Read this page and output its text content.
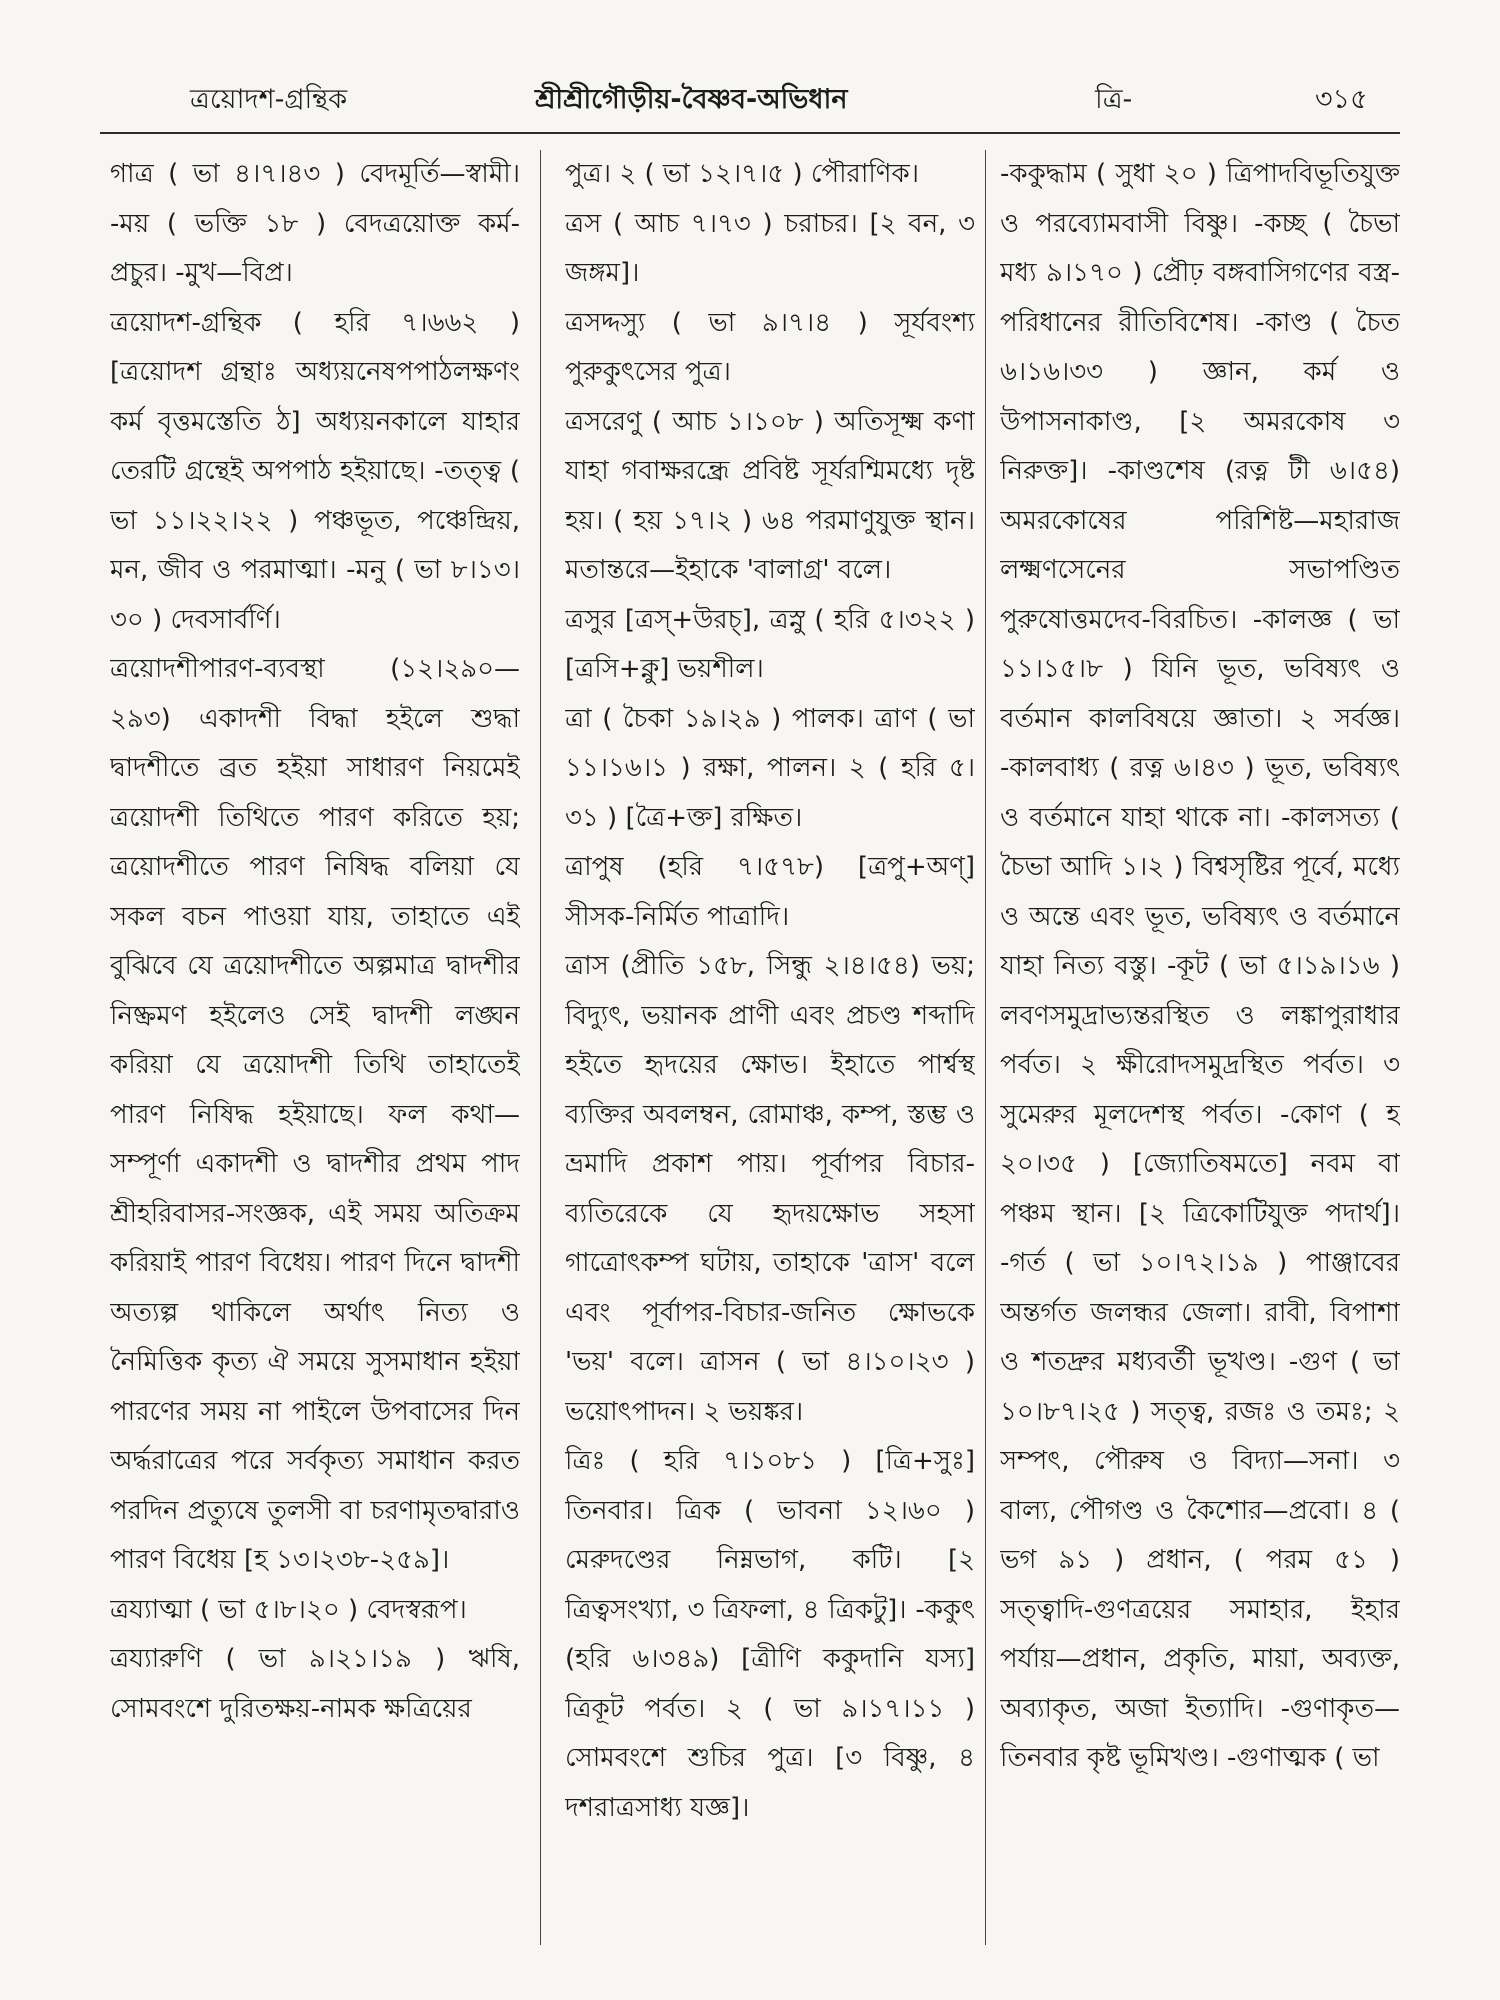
ত্রয়োদশ-গ্রন্থিক	শ্রীশ্রীগৌড়ীয়-বৈষ্ণব-অভিধান	ত্রি-	৩১৫

গাত্র ( ভা ৪।৭।৪৩ ) বেদমূর্তি—স্বামী। -ময় ( ভক্তি ১৮ ) বেদত্রয়োক্ত কর্ম-প্রচুর। -মুখ—বিপ্র।

ত্রয়োদশ-গ্রন্থিক ( হরি ৭।৬৬২ ) [ত্রয়োদশ গ্রন্থাঃ অধ্যয়নেষপপাঠলক্ষণং কর্ম বৃত্তমস্তেতি ঠ] অধ্যয়নকালে যাহার তেরটি গ্রন্থেই অপপাঠ হইয়াছে। -তত্ত্ব ( ভা ১১।২২।২২ ) পঞ্চভূত, পঞ্চেন্দ্রিয়, মন, জীব ও পরমাত্মা। -মনু ( ভা ৮।১৩।৩০ ) দেবসার্বর্ণি।

ত্রয়োদশীপারণ-ব্যবস্থা (১২।২৯০—২৯৩) একাদশী বিদ্ধা হইলে শুদ্ধা দ্বাদশীতে ব্রত হইয়া সাধারণ নিয়মেই ত্রয়োদশী তিথিতে পারণ করিতে হয়; ত্রয়োদশীতে পারণ নিষিদ্ধ বলিয়া যে সকল বচন পাওয়া যায়, তাহাতে এই বুঝিবে যে ত্রয়োদশীতে অল্পমাত্র দ্বাদশীর নিষ্ক্রমণ হইলেও সেই দ্বাদশী লঙ্ঘন করিয়া যে ত্রয়োদশী তিথি তাহাতেই পারণ নিষিদ্ধ হইয়াছে। ফল কথা—সম্পূর্ণা একাদশী ও দ্বাদশীর প্রথম পাদ শ্রীহরিবাসর-সংজ্ঞক, এই সময় অতিক্রম করিয়াই পারণ বিধেয়। পারণ দিনে দ্বাদশী অত্যল্প থাকিলে অর্থাৎ নিত্য ও নৈমিত্তিক কৃত্য ঐ সময়ে সুসমাধান হইয়া পারণের সময় না পাইলে উপবাসের দিন অর্দ্ধরাত্রের পরে সর্বকৃত্য সমাধান করত পরদিন প্রত্যুষে তুলসী বা চরণামৃতদ্বারাও পারণ বিধেয় [হ ১৩।২৩৮-২৫৯]।

ত্রয্যাত্মা ( ভা ৫।৮।২০ ) বেদস্বরূপ।

ত্রয্যারুণি ( ভা ৯।২১।১৯ ) ঋষি, সোমবংশে দুরিতক্ষয়-নামক ক্ষত্রিয়ের

পুত্র। ২ ( ভা ১২।৭।৫ ) পৌরাণিক।

ত্রস ( আচ ৭।৭৩ ) চরাচর। [২ বন, ৩ জঙ্গম]।

ত্রসদ্দস্যু ( ভা ৯।৭।৪ ) সূর্যবংশ্য পুরুকুৎসের পুত্র।

ত্রসরেণু ( আচ ১।১০৮ ) অতিসূক্ষ্ম কণা যাহা গবাক্ষরন্ধ্রে প্রবিষ্ট সূর্যরশ্মিমধ্যে দৃষ্ট হয়। ( হয় ১৭।২ ) ৬৪ পরমাণুযুক্ত স্থান। মতান্তরে—ইহাকে 'বালাগ্র' বলে।

ত্রসুর [ত্রস্+উরচ্], ত্রস্নু ( হরি ৫।৩২২ ) [ত্রসি+ক্নু] ভয়শীল।

ত্রা ( চৈকা ১৯।২৯ ) পালক। ত্রাণ ( ভা ১১।১৬।১ ) রক্ষা, পালন। ২ ( হরি ৫।৩১ ) [ত্রৈ+ক্ত] রক্ষিত।

ত্রাপুষ (হরি ৭।৫৭৮) [ত্রপু+অণ্] সীসক-নির্মিত পাত্রাদি।

ত্রাস (প্রীতি ১৫৮, সিন্ধু ২।৪।৫৪) ভয়; বিদ্যুৎ, ভয়ানক প্রাণী এবং প্রচণ্ড শব্দাদি হইতে হৃদয়ের ক্ষোভ। ইহাতে পার্শ্বস্থ ব্যক্তির অবলম্বন, রোমাঞ্চ, কম্প, স্তম্ভ ও ভ্রমাদি প্রকাশ পায়। পূর্বাপর বিচার-ব্যতিরেকে যে হৃদয়ক্ষোভ সহসা গাত্রোৎকম্প ঘটায়, তাহাকে 'ত্রাস' বলে এবং পূর্বাপর-বিচার-জনিত ক্ষোভকে 'ভয়' বলে। ত্রাসন ( ভা ৪।১০।২৩ ) ভয়োৎপাদন। ২ ভয়ঙ্কর।

ত্রিঃ ( হরি ৭।১০৮১ ) [ত্রি+সুঃ] তিনবার। ত্রিক ( ভাবনা ১২।৬০ ) মেরুদণ্ডের নিম্নভাগ, কটি। [২ ত্রিত্বসংখ্যা, ৩ ত্রিফলা, ৪ ত্রিকটু]। -ককুৎ (হরি ৬।৩৪৯) [ত্রীণি ককুদানি যস্য] ত্রিকূট পর্বত। ২ ( ভা ৯।১৭।১১ ) সোমবংশে শুচির পুত্র। [৩ বিষ্ণু, ৪ দশরাত্রসাধ্য যজ্ঞ]।

-ককুদ্ধাম ( সুধা ২০ ) ত্রিপাদবিভূতিযুক্ত ও পরব্যোমবাসী বিষ্ণু। -কচ্ছ ( চৈভা মধ্য ৯।১৭০ ) প্রৌঢ় বঙ্গবাসিগণের বস্ত্র-পরিধানের রীতিবিশেষ। -কাণ্ড ( চৈত ৬।১৬।৩৩ ) জ্ঞান, কর্ম ও উপাসনাকাণ্ড, [২ অমরকোষ ৩ নিরুক্ত]। -কাণ্ডশেষ (রত্ন টী ৬।৫৪) অমরকোষের পরিশিষ্ট—মহারাজ লক্ষ্মণসেনের সভাপণ্ডিত পুরুষোত্তমদেব-বিরচিত। -কালজ্ঞ ( ভা ১১।১৫।৮ ) যিনি ভূত, ভবিষ্যৎ ও বর্তমান কালবিষয়ে জ্ঞাতা। ২ সর্বজ্ঞ। -কালবাধ্য ( রত্ন ৬।৪৩ ) ভূত, ভবিষ্যৎ ও বর্তমানে যাহা থাকে না। -কালসত্য ( চৈভা আদি ১।২ ) বিশ্বসৃষ্টির পূর্বে, মধ্যে ও অন্তে এবং ভূত, ভবিষ্যৎ ও বর্তমানে যাহা নিত্য বস্তু। -কূট ( ভা ৫।১৯।১৬ ) লবণসমুদ্রাভ্যন্তরস্থিত ও লঙ্কাপুরাধার পর্বত। ২ ক্ষীরোদসমুদ্রস্থিত পর্বত। ৩ সুমেরুর মূলদেশস্থ পর্বত। -কোণ ( হ ২০।৩৫ ) [জ্যোতিষমতে] নবম বা পঞ্চম স্থান। [২ ত্রিকোটিযুক্ত পদার্থ]। -গর্ত ( ভা ১০।৭২।১৯ ) পাঞ্জাবের অন্তর্গত জলন্ধর জেলা। রাবী, বিপাশা ও শতদ্রুর মধ্যবর্তী ভূখণ্ড। -গুণ ( ভা ১০।৮৭।২৫ ) সত্ত্ব, রজঃ ও তমঃ; ২ সম্পৎ, পৌরুষ ও বিদ্যা—সনা। ৩ বাল্য, পৌগণ্ড ও কৈশোর—প্রবো। ৪ ( ভগ ৯১ ) প্রধান, ( পরম ৫১ ) সত্ত্বাদি-গুণত্রয়ের সমাহার, ইহার পর্যায়—প্রধান, প্রকৃতি, মায়া, অব্যক্ত, অব্যাকৃত, অজা ইত্যাদি। -গুণাকৃত—তিনবার কৃষ্ট ভূমিখণ্ড। -গুণাত্মক ( ভা
